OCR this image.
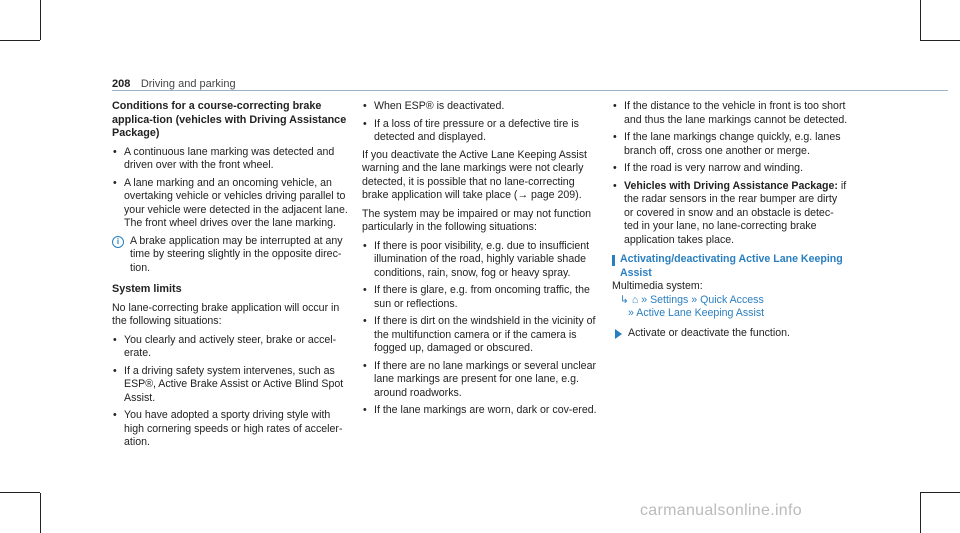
208 Driving and parking

Conditions for a course-correcting brake applica-tion (vehicles with Driving Assistance Package)

• A continuous lane marking was detected and driven over with the front wheel.
• A lane marking and an oncoming vehicle, an overtaking vehicle or vehicles driving parallel to your vehicle were detected in the adjacent lane. The front wheel drives over the lane marking.
i	A brake application may be interrupted at any time by steering slightly in the opposite direc-tion.

System limits

No lane-correcting brake application will occur in the following situations:

• You clearly and actively steer, brake or accel-erate.
• If a driving safety system intervenes, such as ESP®, Active Brake Assist or Active Blind Spot Assist.
• You have adopted a sporty driving style with high cornering speeds or high rates of acceler-ation.
• When ESP® is deactivated.
• If a loss of tire pressure or a defective tire is detected and displayed.

If you deactivate the Active Lane Keeping Assist warning and the lane markings were not clearly detected, it is possible that no lane-correcting brake application will take place (→ page 209).

The system may be impaired or may not function particularly in the following situations:

• If there is poor visibility, e.g. due to insufficient illumination of the road, highly variable shade conditions, rain, snow, fog or heavy spray.
• If there is glare, e.g. from oncoming traffic, the sun or reflections.
• If there is dirt on the windshield in the vicinity of the multifunction camera or if the camera is fogged up, damaged or obscured.
• If there are no lane markings or several unclear lane markings are present for one lane, e.g. around roadworks.
• If the lane markings are worn, dark or cov-ered.
• If the distance to the vehicle in front is too short and thus the lane markings cannot be detected.
• If the lane markings change quickly, e.g. lanes branch off, cross one another or merge.
• If the road is very narrow and winding.
• Vehicles with Driving Assistance Package: if the radar sensors in the rear bumper are dirty or covered in snow and an obstacle is detec-ted in your lane, no lane-correcting brake application takes place.
Activating/deactivating Active Lane Keeping Assist
Multimedia system:
↳ ⌂ » Settings » Quick Access
» Active Lane Keeping Assist
Activate or deactivate the function.
carmanualsonline.info
